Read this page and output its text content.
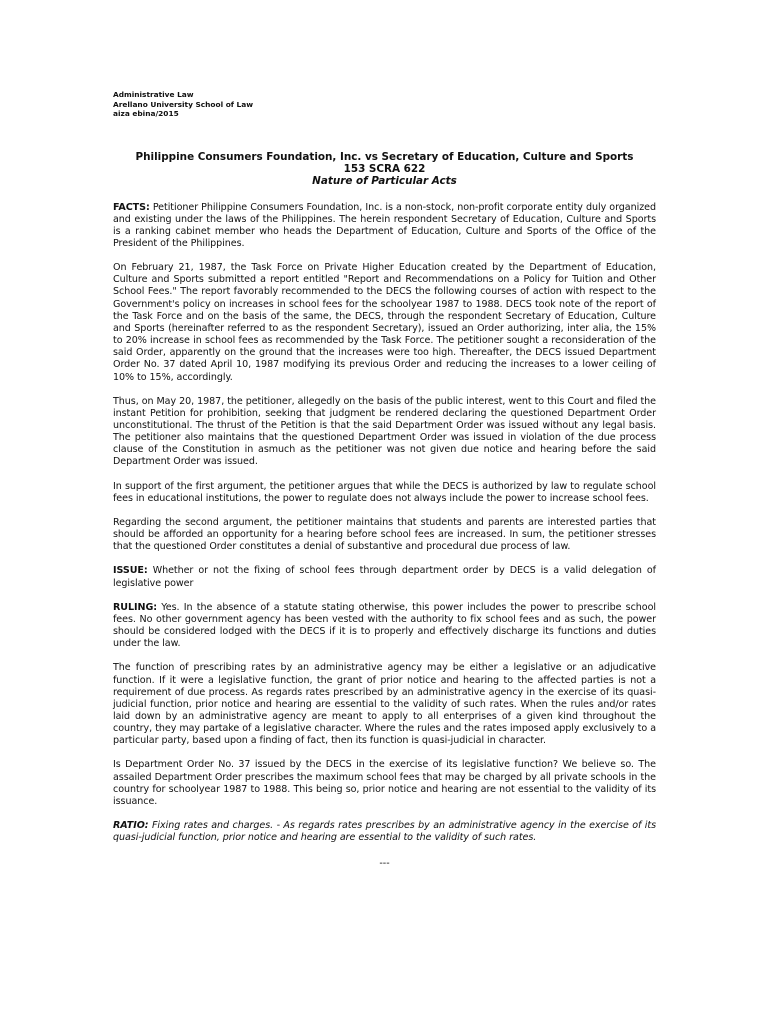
Administrative Law
Arellano University School of Law
aiza ebina/2015
Philippine Consumers Foundation, Inc. vs Secretary of Education, Culture and Sports
153 SCRA 622
Nature of Particular Acts

FACTS: Petitioner Philippine Consumers Foundation, Inc. is a non-stock, non-profit corporate entity duly organized and existing under the laws of the Philippines. The herein respondent Secretary of Education, Culture and Sports is a ranking cabinet member who heads the Department of Education, Culture and Sports of the Office of the President of the Philippines.

On February 21, 1987, the Task Force on Private Higher Education created by the Department of Education, Culture and Sports submitted a report entitled "Report and Recommendations on a Policy for Tuition and Other School Fees." The report favorably recommended to the DECS the following courses of action with respect to the Government's policy on increases in school fees for the schoolyear 1987 to 1988. DECS took note of the report of the Task Force and on the basis of the same, the DECS, through the respondent Secretary of Education, Culture and Sports (hereinafter referred to as the respondent Secretary), issued an Order authorizing, inter alia, the 15% to 20% increase in school fees as recommended by the Task Force. The petitioner sought a reconsideration of the said Order, apparently on the ground that the increases were too high. Thereafter, the DECS issued Department Order No. 37 dated April 10, 1987 modifying its previous Order and reducing the increases to a lower ceiling of 10% to 15%, accordingly.

Thus, on May 20, 1987, the petitioner, allegedly on the basis of the public interest, went to this Court and filed the instant Petition for prohibition, seeking that judgment be rendered declaring the questioned Department Order unconstitutional. The thrust of the Petition is that the said Department Order was issued without any legal basis. The petitioner also maintains that the questioned Department Order was issued in violation of the due process clause of the Constitution in asmuch as the petitioner was not given due notice and hearing before the said Department Order was issued.

In support of the first argument, the petitioner argues that while the DECS is authorized by law to regulate school fees in educational institutions, the power to regulate does not always include the power to increase school fees.

Regarding the second argument, the petitioner maintains that students and parents are interested parties that should be afforded an opportunity for a hearing before school fees are increased. In sum, the petitioner stresses that the questioned Order constitutes a denial of substantive and procedural due process of law.

ISSUE: Whether or not the fixing of school fees through department order by DECS is a valid delegation of legislative power

RULING: Yes. In the absence of a statute stating otherwise, this power includes the power to prescribe school fees. No other government agency has been vested with the authority to fix school fees and as such, the power should be considered lodged with the DECS if it is to properly and effectively discharge its functions and duties under the law.

The function of prescribing rates by an administrative agency may be either a legislative or an adjudicative function. If it were a legislative function, the grant of prior notice and hearing to the affected parties is not a requirement of due process. As regards rates prescribed by an administrative agency in the exercise of its quasi-judicial function, prior notice and hearing are essential to the validity of such rates. When the rules and/or rates laid down by an administrative agency are meant to apply to all enterprises of a given kind throughout the country, they may partake of a legislative character. Where the rules and the rates imposed apply exclusively to a particular party, based upon a finding of fact, then its function is quasi-judicial in character.

Is Department Order No. 37 issued by the DECS in the exercise of its legislative function? We believe so. The assailed Department Order prescribes the maximum school fees that may be charged by all private schools in the country for schoolyear 1987 to 1988. This being so, prior notice and hearing are not essential to the validity of its issuance.

RATIO: Fixing rates and charges. - As regards rates prescribes by an administrative agency in the exercise of its quasi-judicial function, prior notice and hearing are essential to the validity of such rates.

---
